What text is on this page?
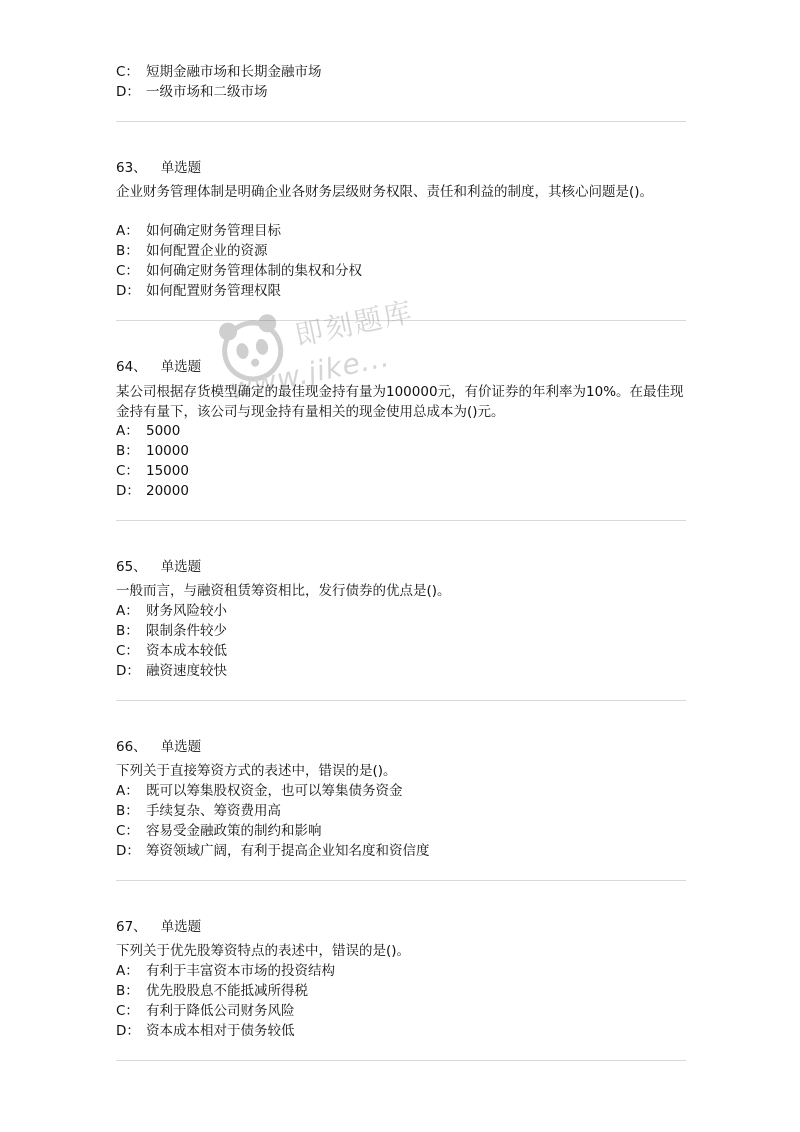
C： 短期金融市场和长期金融市场
D： 一级市场和二级市场
63、 单选题
企业财务管理体制是明确企业各财务层级财务权限、责任和利益的制度，其核心问题是()。
A： 如何确定财务管理目标
B： 如何配置企业的资源
C： 如何确定财务管理体制的集权和分权
D： 如何配置财务管理权限
64、 单选题
某公司根据存货模型确定的最佳现金持有量为100000元，有价证券的年利率为10%。在最佳现金持有量下，该公司与现金持有量相关的现金使用总成本为()元。
A： 5000
B： 10000
C： 15000
D： 20000
65、 单选题
一般而言，与融资租赁筹资相比，发行债券的优点是()。
A： 财务风险较小
B： 限制条件较少
C： 资本成本较低
D： 融资速度较快
66、 单选题
下列关于直接筹资方式的表述中，错误的是()。
A： 既可以筹集股权资金，也可以筹集债务资金
B： 手续复杂、筹资费用高
C： 容易受金融政策的制约和影响
D： 筹资领域广阔，有利于提高企业知名度和资信度
67、 单选题
下列关于优先股筹资特点的表述中，错误的是()。
A： 有利于丰富资本市场的投资结构
B： 优先股股息不能抵减所得税
C： 有利于降低公司财务风险
D： 资本成本相对于债务较低
即刻题库
www.jike...
